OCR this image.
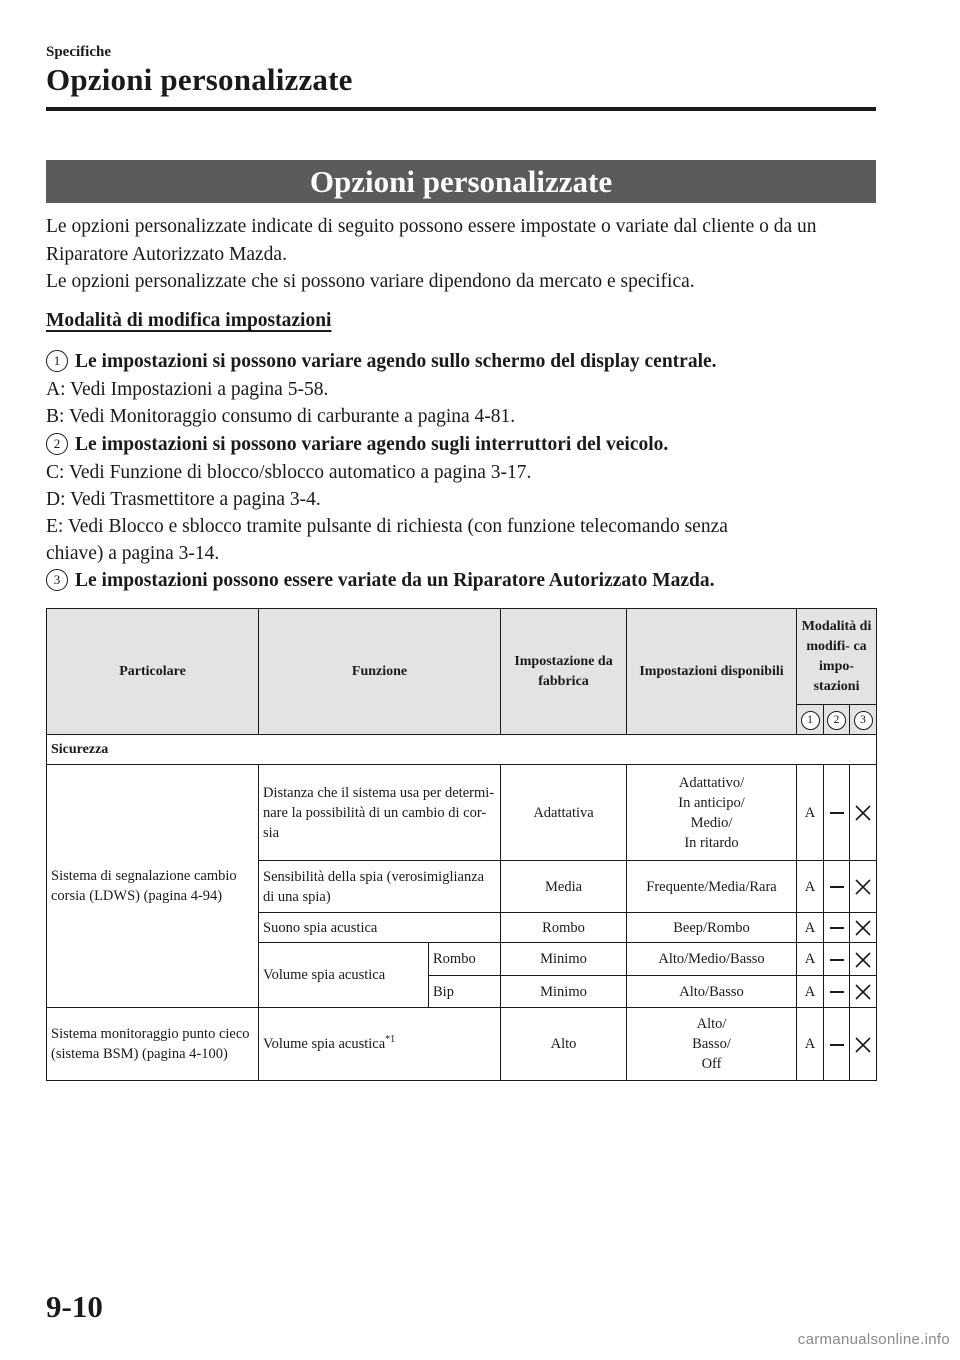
Specifiche
Opzioni personalizzate
Opzioni personalizzate

Le opzioni personalizzate indicate di seguito possono essere impostate o variate dal cliente o da un Riparatore Autorizzato Mazda.

Le opzioni personalizzate che si possono variare dipendono da mercato e specifica.

Modalità di modifica impostazioni
1 Le impostazioni si possono variare agendo sullo schermo del display centrale.
A: Vedi Impostazioni a pagina 5-58.
B: Vedi Monitoraggio consumo di carburante a pagina 4-81.
2 Le impostazioni si possono variare agendo sugli interruttori del veicolo.
C: Vedi Funzione di blocco/sblocco automatico a pagina 3-17.
D: Vedi Trasmettitore a pagina 3-4.
E: Vedi Blocco e sblocco tramite pulsante di richiesta (con funzione telecomando senza
chiave) a pagina 3-14.
3 Le impostazioni possono essere variate da un Riparatore Autorizzato Mazda.
Particolare	Funzione		Impostazione da fabbrica	Impostazioni disponibili	Modalità di modifi- ca impo- stazioni		
					1	2	3
Sicurezza							
Sistema di segnalazione cambio corsia (LDWS) (pagina 4-94)	Distanza che il sistema usa per determi- nare la possibilità di un cambio di cor- sia		Adattativa	Adattativo/
In anticipo/
Medio/
In ritardo	A		
	Sensibilità della spia (verosimiglianza di una spia)		Media	Frequente/Media/Rara	A		
	Suono spia acustica		Rombo	Beep/Rombo	A		
	Volume spia acustica	Rombo	Minimo	Alto/Medio/Basso	A		
		Bip	Minimo	Alto/Basso	A		
Sistema monitoraggio punto cieco (sistema BSM) (pagina 4-100)	Volume spia acustica$^{*1}$		Alto	Alto/
Basso/
Off	A		
9-10
carmanualsonline.info
